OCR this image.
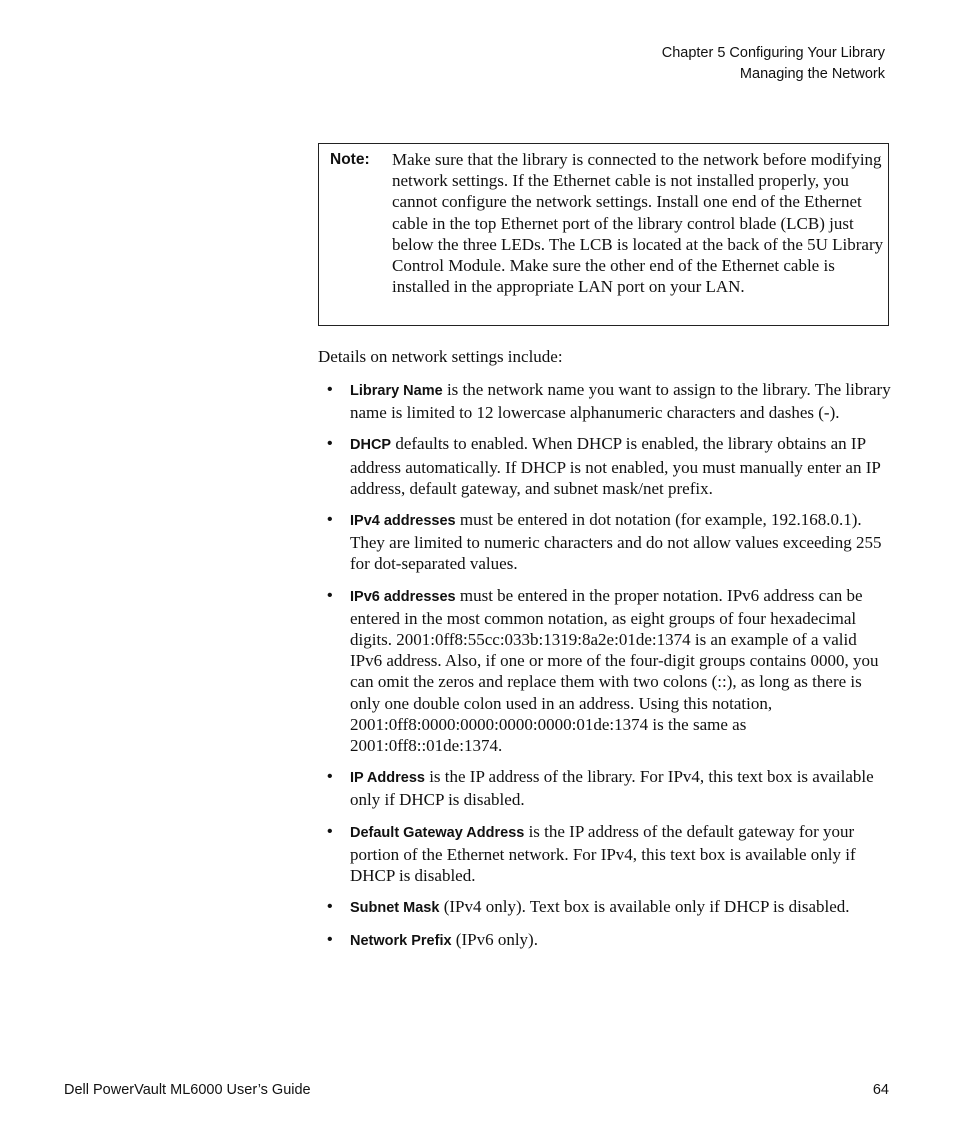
Chapter 5 Configuring Your Library
Managing the Network
Note: Make sure that the library is connected to the network before modifying network settings. If the Ethernet cable is not installed properly, you cannot configure the network settings. Install one end of the Ethernet cable in the top Ethernet port of the library control blade (LCB) just below the three LEDs. The LCB is located at the back of the 5U Library Control Module. Make sure the other end of the Ethernet cable is installed in the appropriate LAN port on your LAN.
Details on network settings include:
• Library Name is the network name you want to assign to the library. The library name is limited to 12 lowercase alphanumeric characters and dashes (-).
• DHCP defaults to enabled. When DHCP is enabled, the library obtains an IP address automatically. If DHCP is not enabled, you must manually enter an IP address, default gateway, and subnet mask/net prefix.
• IPv4 addresses must be entered in dot notation (for example, 192.168.0.1). They are limited to numeric characters and do not allow values exceeding 255 for dot-separated values.
• IPv6 addresses must be entered in the proper notation. IPv6 address can be entered in the most common notation, as eight groups of four hexadecimal digits. 2001:0ff8:55cc:033b:1319:8a2e:01de:1374 is an example of a valid IPv6 address. Also, if one or more of the four-digit groups contains 0000, you can omit the zeros and replace them with two colons (::), as long as there is only one double colon used in an address. Using this notation, 2001:0ff8:0000:0000:0000:0000:01de:1374 is the same as 2001:0ff8::01de:1374.
• IP Address is the IP address of the library. For IPv4, this text box is available only if DHCP is disabled.
• Default Gateway Address is the IP address of the default gateway for your portion of the Ethernet network. For IPv4, this text box is available only if DHCP is disabled.
• Subnet Mask (IPv4 only). Text box is available only if DHCP is disabled.
• Network Prefix (IPv6 only).
Dell PowerVault ML6000 User’s Guide	64
